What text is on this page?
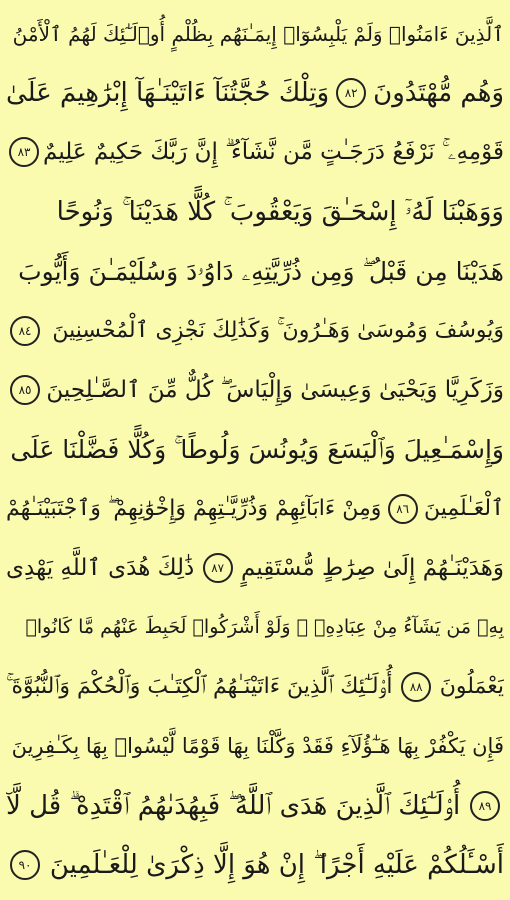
ٱلَّذِينَ ءَامَنُوا۟ وَلَمْ يَلْبِسُوٓا۟ إِيمَـٰنَهُم بِظُلْمٍ أُو۟لَـٰٓئِكَ لَهُمُ ٱلْأَمْنُ
وَهُم مُّهْتَدُونَ
٨٢
وَتِلْكَ حُجَّتُنَآ ءَاتَيْنَـٰهَآ إِبْرَٰهِيمَ عَلَىٰ
قَوْمِهِۦ ۚ نَرْفَعُ دَرَجَـٰتٍ مَّن نَّشَآءُ ۗ إِنَّ رَبَّكَ حَكِيمٌ عَلِيمٌ
٨٣
وَوَهَبْنَا لَهُۥٓ إِسْحَـٰقَ وَيَعْقُوبَ ۚ كُلًّا هَدَيْنَا ۚ وَنُوحًا
هَدَيْنَا مِن قَبْلُ ۖ وَمِن ذُرِّيَّتِهِۦ دَاوُۥدَ وَسُلَيْمَـٰنَ وَأَيُّوبَ
وَيُوسُفَ وَمُوسَىٰ وَهَـٰرُونَ ۚ وَكَذَٰلِكَ نَجْزِى ٱلْمُحْسِنِينَ
٨٤
وَزَكَرِيَّا وَيَحْيَىٰ وَعِيسَىٰ وَإِلْيَاسَ ۖ كُلٌّ مِّنَ ٱلصَّـٰلِحِينَ
٨٥
وَإِسْمَـٰعِيلَ وَٱلْيَسَعَ وَيُونُسَ وَلُوطًا ۚ وَكُلًّا فَضَّلْنَا عَلَى
ٱلْعَـٰلَمِينَ
٨٦
وَمِنْ ءَابَآئِهِمْ وَذُرِّيَّـٰتِهِمْ وَإِخْوَٰنِهِمْ ۖ وَٱجْتَبَيْنَـٰهُمْ
وَهَدَيْنَـٰهُمْ إِلَىٰ صِرَٰطٍ مُّسْتَقِيمٍ
٨٧
ذَٰلِكَ هُدَى ٱللَّهِ يَهْدِى
بِهِۦ مَن يَشَآءُ مِنْ عِبَادِهِۦ ۚ وَلَوْ أَشْرَكُوا۟ لَحَبِطَ عَنْهُم مَّا كَانُوا۟
يَعْمَلُونَ
٨٨
أُو۟لَـٰٓئِكَ ٱلَّذِينَ ءَاتَيْنَـٰهُمُ ٱلْكِتَـٰبَ وَٱلْحُكْمَ وَٱلنُّبُوَّةَ ۚ
فَإِن يَكْفُرْ بِهَا هَـٰٓؤُلَآءِ فَقَدْ وَكَّلْنَا بِهَا قَوْمًا لَّيْسُوا۟ بِهَا بِكَـٰفِرِينَ
٨٩
أُو۟لَـٰٓئِكَ ٱلَّذِينَ هَدَى ٱللَّهُ ۖ فَبِهُدَىٰهُمُ ٱقْتَدِهْ ۗ قُل لَّآ
أَسْـَٔلُكُمْ عَلَيْهِ أَجْرًا ۖ إِنْ هُوَ إِلَّا ذِكْرَىٰ لِلْعَـٰلَمِينَ
٩٠
